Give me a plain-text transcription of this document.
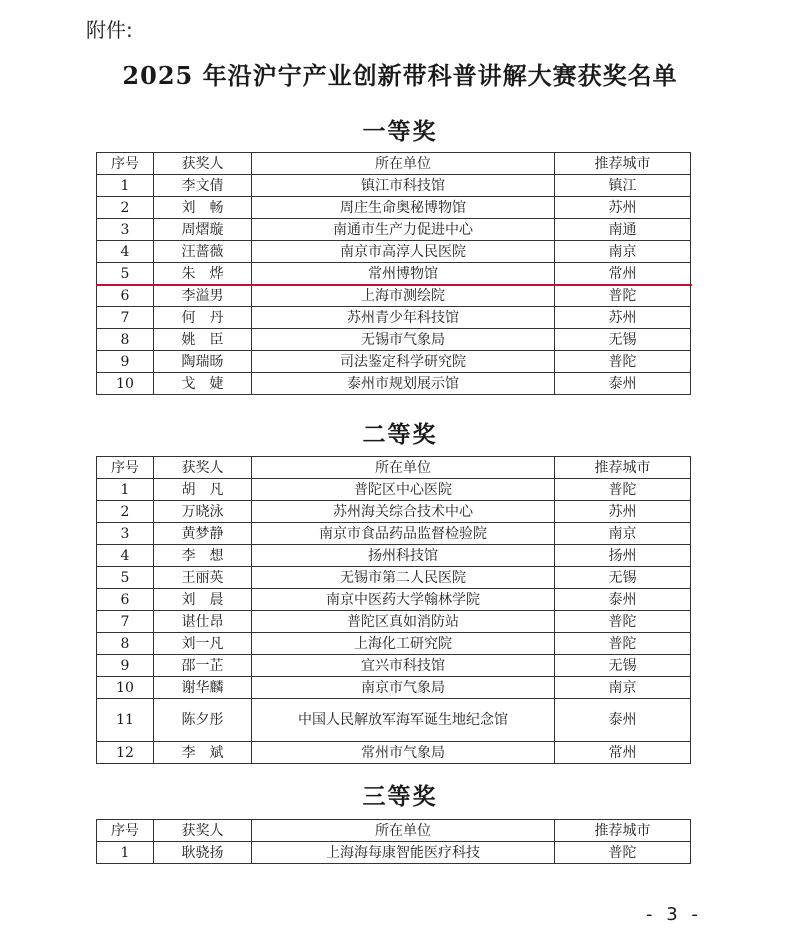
附件:
2025 年沿沪宁产业创新带科普讲解大赛获奖名单
一等奖
序号	获奖人	所在单位	推荐城市
1	李文倩	镇江市科技馆	镇江
2	刘　畅	周庄生命奥秘博物馆	苏州
3	周熠璇	南通市生产力促进中心	南通
4	汪蔷薇	南京市高淳人民医院	南京
5	朱　烨	常州博物馆	常州
6	李溢男	上海市测绘院	普陀
7	何　丹	苏州青少年科技馆	苏州
8	姚　臣	无锡市气象局	无锡
9	陶瑞旸	司法鉴定科学研究院	普陀
10	戈　婕	泰州市规划展示馆	泰州
二等奖
序号	获奖人	所在单位	推荐城市
1	胡　凡	普陀区中心医院	普陀
2	万晓泳	苏州海关综合技术中心	苏州
3	黄梦静	南京市食品药品监督检验院	南京
4	李　想	扬州科技馆	扬州
5	王丽英	无锡市第二人民医院	无锡
6	刘　晨	南京中医药大学翰林学院	泰州
7	谌仕昂	普陀区真如消防站	普陀
8	刘一凡	上海化工研究院	普陀
9	邵一芷	宜兴市科技馆	无锡
10	谢华麟	南京市气象局	南京
11	陈夕彤	中国人民解放军海军诞生地纪念馆	泰州
12	李　斌	常州市气象局	常州
三等奖
序号	获奖人	所在单位	推荐城市
1	耿骁扬	上海海每康智能医疗科技	普陀
- 3 -
